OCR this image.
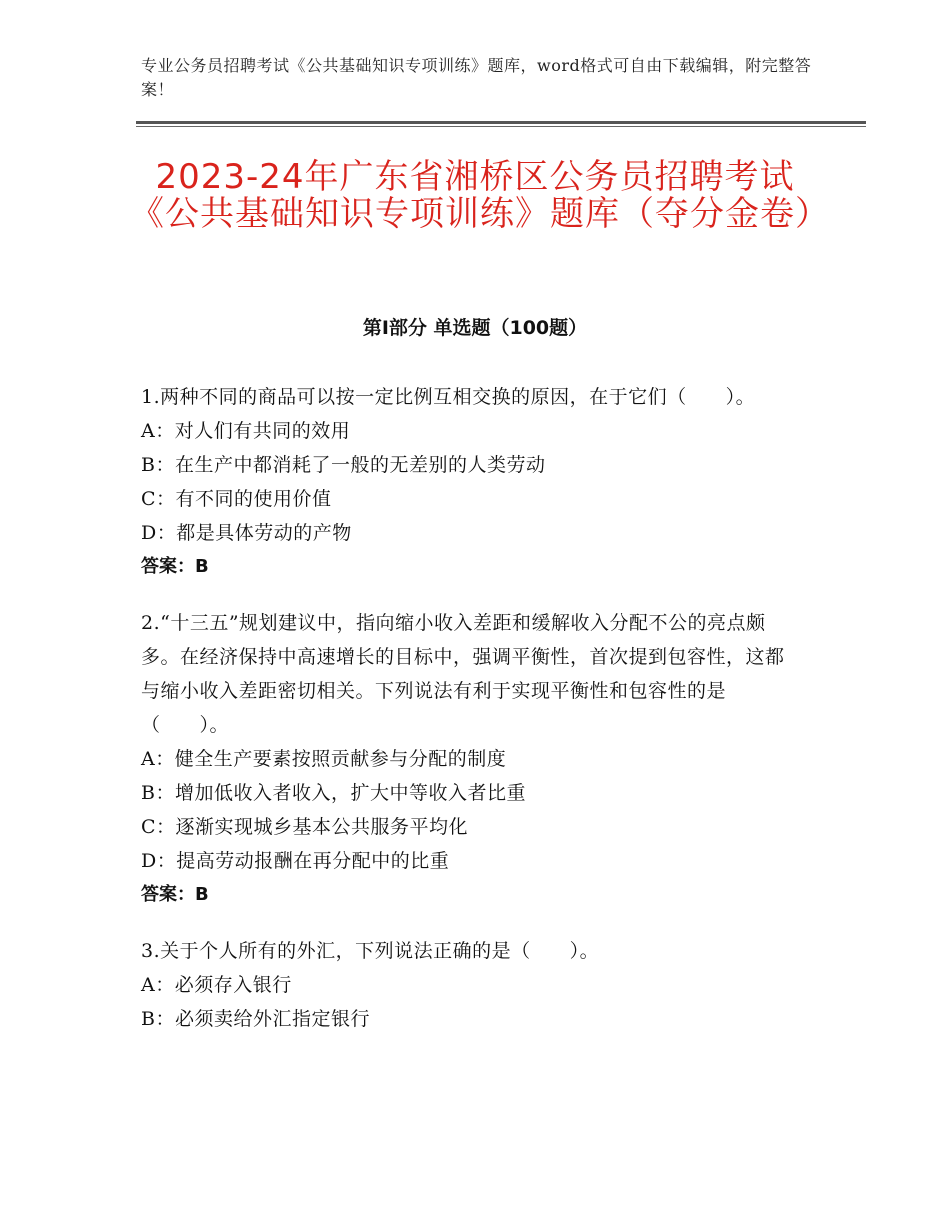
专业公务员招聘考试《公共基础知识专项训练》题库，word格式可自由下载编辑，附完整答案！
2023-24年广东省湘桥区公务员招聘考试《公共基础知识专项训练》题库（夺分金卷）
第Ⅰ部分 单选题（100题）

1.两种不同的商品可以按一定比例互相交换的原因，在于它们（　　）。

A：对人们有共同的效用

B：在生产中都消耗了一般的无差别的人类劳动

C：有不同的使用价值

D：都是具体劳动的产物

答案：B

2.“十三五”规划建议中，指向缩小收入差距和缓解收入分配不公的亮点颇多。在经济保持中高速增长的目标中，强调平衡性，首次提到包容性，这都与缩小收入差距密切相关。下列说法有利于实现平衡性和包容性的是（　　）。

A：健全生产要素按照贡献参与分配的制度

B：增加低收入者收入，扩大中等收入者比重

C：逐渐实现城乡基本公共服务平均化

D：提高劳动报酬在再分配中的比重

答案：B

3.关于个人所有的外汇，下列说法正确的是（　　）。

A：必须存入银行

B：必须卖给外汇指定银行
